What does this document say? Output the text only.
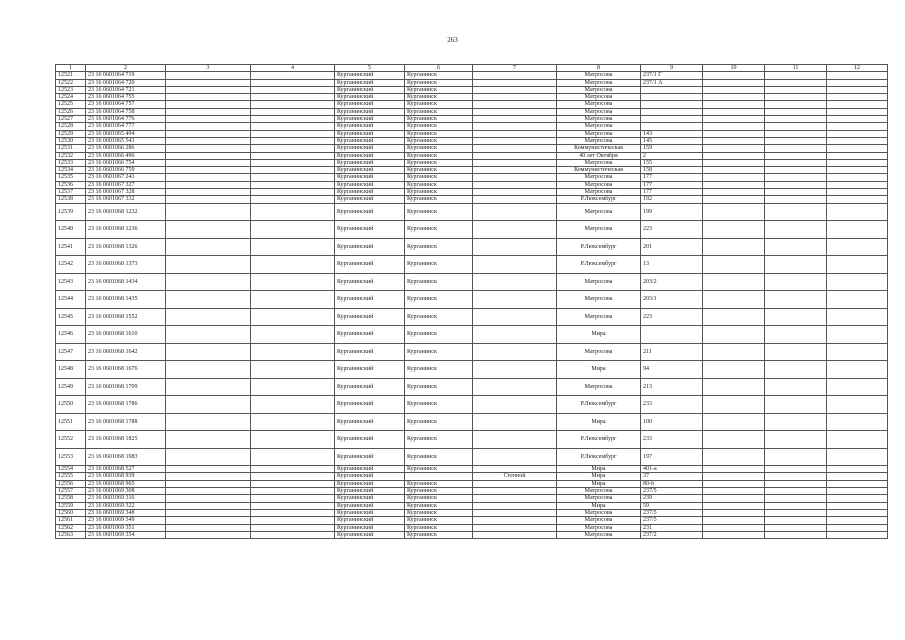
263
1	2	3	4	5	6	7	8	9	10	11	12
12521	23 16 0601064 719			Курганинский	Курганинск		Матросова	237/1 Г			
12522	23 16 0601064 720			Курганинский	Курганинск		Матросова	237/1 А			
12523	23 16 0601064 721			Курганинский	Курганинск		Матросова				
12524	23 16 0601064 755			Курганинский	Курганинск		Матросова				
12525	23 16 0601064 757			Курганинский	Курганинск		Матросова				
12526	23 16 0601064 758			Курганинский	Курганинск		Матросова				
12527	23 16 0601064 776			Курганинский	Курганинск		Матросова				
12528	23 16 0601064 777			Курганинский	Курганинск		Матросова				
12529	23 16 0601065 494			Курганинский	Курганинск		Матросова	143			
12530	23 16 0601065 543			Курганинский	Курганинск		Матросова	145			
12531	23 16 0601066 286			Курганинский	Курганинск		Коммунистическая	159			
12532	23 16 0601066 496			Курганинский	Курганинск		40 лет Октября	2			
12533	23 16 0601066 754			Курганинский	Курганинск		Матросова	155			
12534	23 16 0601066 759			Курганинский	Курганинск		Коммунистическая	158			
12535	23 16 0601067 243			Курганинский	Курганинск		Матросова	177			
12536	23 16 0601067 327			Курганинский	Курганинск		Матросова	177			
12537	23 16 0601067 328			Курганинский	Курганинск		Матросова	177			
12538	23 16 0601067 332			Курганинский	Курганинск		Р.Люксембург	192			
12539	23 16 0601068 1232			Курганинский	Курганинск		Матросова	199			
12540	23 16 0601068 1236			Курганинский	Курганинск		Матросова	223			
12541	23 16 0601068 1326			Курганинский	Курганинск		Р.Люксембург	201			
12542	23 16 0601068 1373			Курганинский	Курганинск		Р.Люксембург	13			
12543	23 16 0601068 1434			Курганинский	Курганинск		Матросова	203/2			
12544	23 16 0601068 1435			Курганинский	Курганинск		Матросова	203/1			
12545	23 16 0601068 1552			Курганинский	Курганинск		Матросова	223			
12546	23 16 0601068 1610			Курганинский	Курганинск		Мира				
12547	23 16 0601068 1642			Курганинский	Курганинск		Матросова	211			
12548	23 16 0601068 1676			Курганинский	Курганинск		Мира	94			
12549	23 16 0601068 1709			Курганинский	Курганинск		Матросова	213			
12550	23 16 0601068 1786			Курганинский	Курганинск		Р.Люксембург	233			
12551	23 16 0601068 1788			Курганинский	Курганинск		Мира	100			
12552	23 16 0601068 1825			Курганинский	Курганинск		Р.Люксембург	233			
12553	23 16 0601068 1983			Курганинский	Курганинск		Р.Люксембург	197			
12554	23 16 0601068 527			Курганинский	Курганинск		Мира	401-а			
12555	23 16 0601068 939			Курганинский		Степной	Мира	37			
12556	23 16 0601068 965			Курганинский	Курганинск		Мира	80-б			
12557	23 16 0601069 308			Курганинский	Курганинск		Матросова	237/5			
12558	23 16 0601069 316			Курганинский	Курганинск		Матросова	239			
12559	23 16 0601069 322			Курганинский	Курганинск		Мира	59			
12560	23 16 0601069 348			Курганинский	Курганинск		Матросова	237/5			
12561	23 16 0601069 349			Курганинский	Курганинск		Матросова	237/5			
12562	23 16 0601069 351			Курганинский	Курганинск		Матросова	231			
12563	23 16 0601069 354			Курганинский	Курганинск		Матросова	237/2			
